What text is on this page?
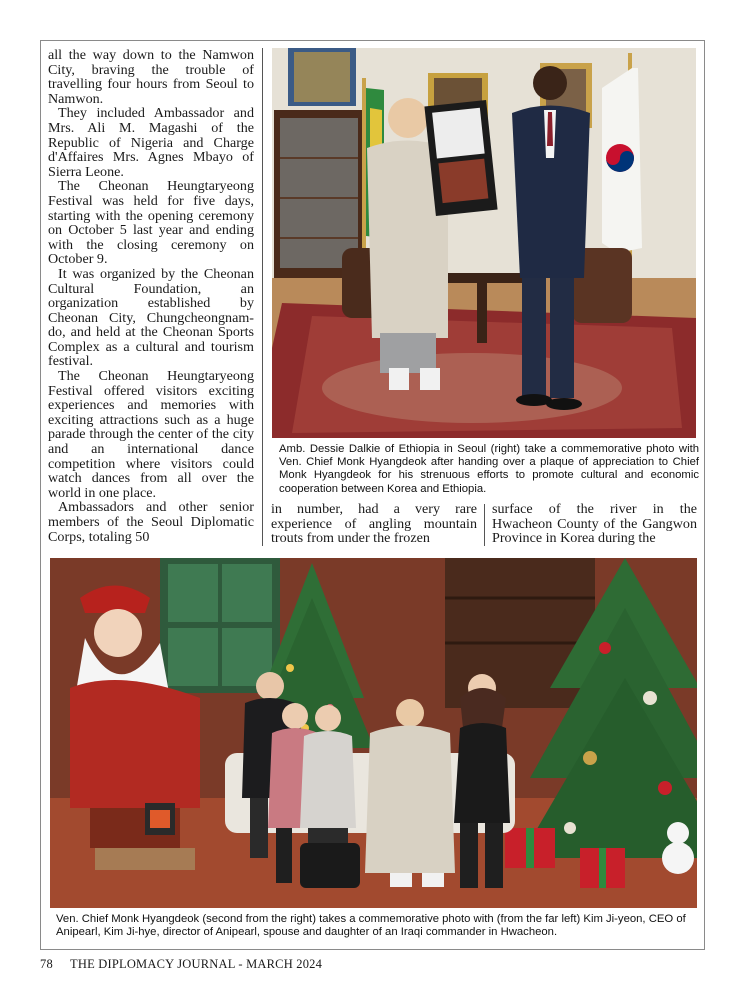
all the way down to the Namwon City, braving the trouble of travelling four hours from Seoul to Namwon.

They included Ambassador and Mrs. Ali M. Magashi of the Republic of Nigeria and Charge d'Affaires Mrs. Agnes Mbayo of Sierra Leone.

The Cheonan Heungtaryeong Festival was held for five days, starting with the opening ceremony on October 5 last year and ending with the closing ceremony on October 9.

It was organized by the Cheonan Cultural Foundation, an organization established by Cheonan City, Chungcheongnam-do, and held at the Cheonan Sports Complex as a cultural and tourism festival.

The Cheonan Heungtaryeong Festival offered visitors exciting experiences and memories with exciting attractions such as a huge parade through the center of the city and an international dance competition where visitors could watch dances from all over the world in one place.

Ambassadors and other senior members of the Seoul Diplomatic Corps, totaling 50

Amb. Dessie Dalkie of Ethiopia in Seoul (right) take a commemorative photo with Ven. Chief Monk Hyangdeok after handing over a plaque of appreciation to Chief Monk Hyangdeok for his strenuous efforts to promote cultural and economic cooperation between Korea and Ethiopia.

in number, had a very rare experience of angling mountain trouts from under the frozen

surface of the river in the Hwacheon County of the Gangwon Province in Korea during the

Ven. Chief Monk Hyangdeok (second from the right) takes a commemorative photo with (from the far left) Kim Ji-yeon, CEO of Anipearl, Kim Ji-hye, director of Anipearl, spouse and daughter of an Iraqi commander in Hwacheon.
78 THE DIPLOMACY JOURNAL - MARCH 2024
